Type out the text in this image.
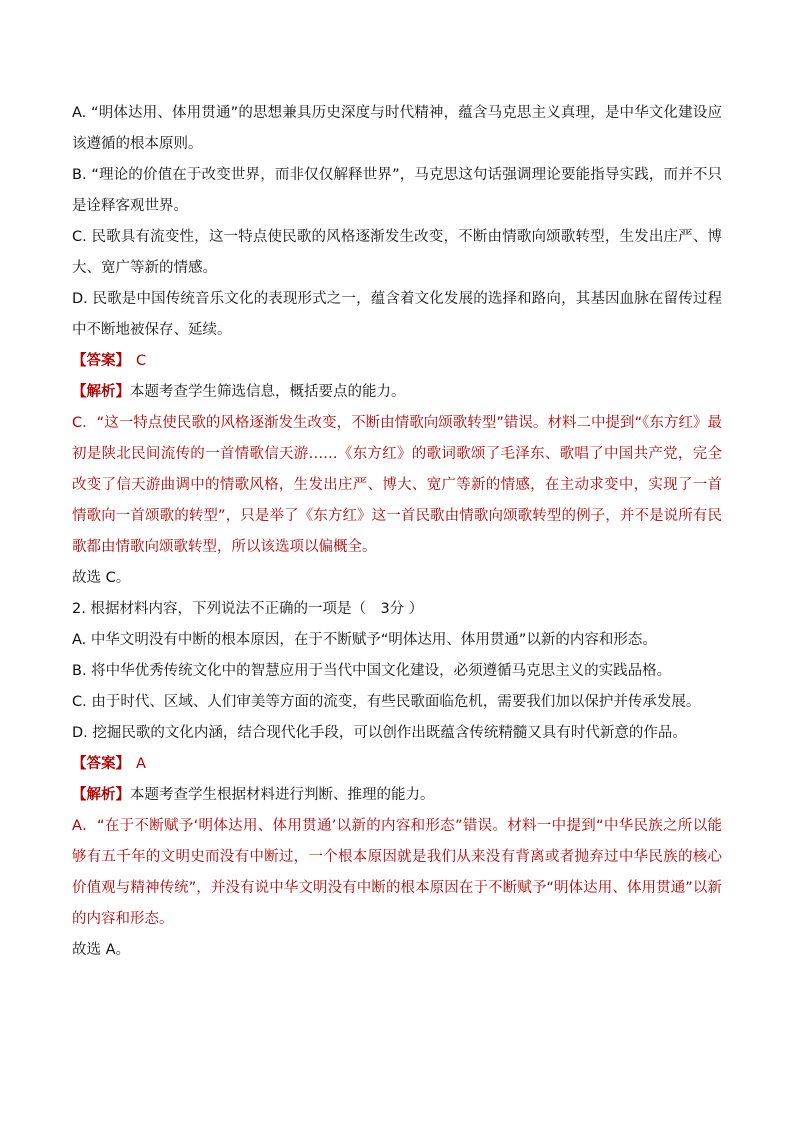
A. “明体达用、体用贯通”的思想兼具历史深度与时代精神，蕴含马克思主义真理，是中华文化建设应该遵循的根本原则。

B. “理论的价值在于改变世界，而非仅仅解释世界”，马克思这句话强调理论要能指导实践，而并不只是诠释客观世界。

C. 民歌具有流变性，这一特点使民歌的风格逐渐发生改变，不断由情歌向颂歌转型，生发出庄严、博大、宽广等新的情感。

D. 民歌是中国传统音乐文化的表现形式之一，蕴含着文化发展的选择和路向，其基因血脉在留传过程中不断地被保存、延续。

【答案】 C

【解析】本题考查学生筛选信息，概括要点的能力。

C．“这一特点使民歌的风格逐渐发生改变，不断由情歌向颂歌转型”错误。材料二中提到“《东方红》最初是陕北民间流传的一首情歌信天游……《东方红》的歌词歌颂了毛泽东、歌唱了中国共产党，完全改变了信天游曲调中的情歌风格，生发出庄严、博大、宽广等新的情感，在主动求变中，实现了一首情歌向一首颂歌的转型”，只是举了《东方红》这一首民歌由情歌向颂歌转型的例子，并不是说所有民歌都由情歌向颂歌转型，所以该选项以偏概全。

故选 C。

2. 根据材料内容，下列说法不正确的一项是（　3分 ）

A. 中华文明没有中断的根本原因，在于不断赋予“明体达用、体用贯通”以新的内容和形态。

B. 将中华优秀传统文化中的智慧应用于当代中国文化建设，必须遵循马克思主义的实践品格。

C. 由于时代、区域、人们审美等方面的流变，有些民歌面临危机，需要我们加以保护并传承发展。

D. 挖掘民歌的文化内涵，结合现代化手段，可以创作出既蕴含传统精髓又具有时代新意的作品。

【答案】 A

【解析】本题考查学生根据材料进行判断、推理的能力。

A．“在于不断赋予‘明体达用、体用贯通’以新的内容和形态”错误。材料一中提到“中华民族之所以能够有五千年的文明史而没有中断过，一个根本原因就是我们从来没有背离或者抛弃过中华民族的核心价值观与精神传统”，并没有说中华文明没有中断的根本原因在于不断赋予“明体达用、体用贯通”以新的内容和形态。

故选 A。
